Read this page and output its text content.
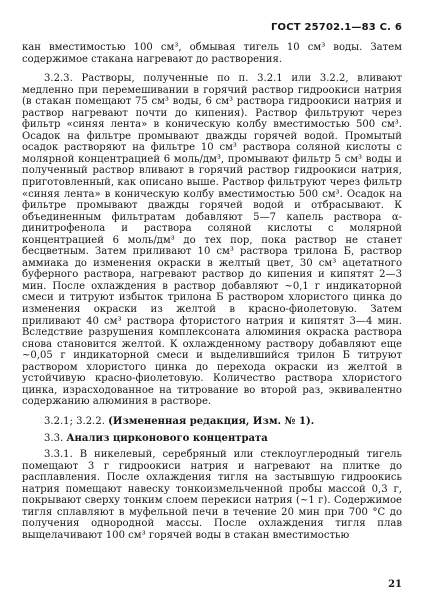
ГОСТ 25702.1—83 С. 6

кан вместимостью 100 см³, обмывая тигель 10 см³ воды. Затем содержимое стакана нагревают до растворения.

3.2.3. Растворы, полученные по п. 3.2.1 или 3.2.2, вливают медленно при перемешивании в горячий раствор гидроокиси натрия (в стакан помещают 75 см³ воды, 6 см³ раствора гидроокиси натрия и раствор нагревают почти до кипения). Раствор фильтруют через фильтр «синяя лента» в коническую колбу вместимостью 500 см³. Осадок на фильтре промывают дважды горячей водой. Промытый осадок растворяют на фильтре 10 см³ раствора соляной кислоты с молярной концентрацией 6 моль/дм³, промывают фильтр 5 см³ воды и полученный раствор вливают в горячий раствор гидроокиси натрия, приготовленный, как описано выше. Раствор фильтруют через фильтр «синяя лента» в коническую колбу вместимостью 500 см³. Осадок на фильтре промывают дважды горячей водой и отбрасывают. К объединенным фильтратам добавляют 5—7 капель раствора α-динитрофенола и раствора соляной кислоты с молярной концентрацией 6 моль/дм³ до тех пор, пока раствор не станет бесцветным. Затем приливают 10 см³ раствора трилона Б, раствор аммиака до изменения окраски в желтый цвет, 30 см³ ацетатного буферного раствора, нагревают раствор до кипения и кипятят 2—3 мин. После охлаждения в раствор добавляют ~0,1 г индикаторной смеси и титруют избыток трилона Б раствором хлористого цинка до изменения окраски из желтой в красно-фиолетовую. Затем приливают 40 см³ раствора фтористого натрия и кипятят 3—4 мин. Вследствие разрушения комплексоната алюминия окраска раствора снова становится желтой. К охлажденному раствору добавляют еще ~0,05 г индикаторной смеси и выделившийся трилон Б титруют раствором хлористого цинка до перехода окраски из желтой в устойчивую красно-фиолетовую. Количество раствора хлористого цинка, израсходованное на титрование во второй раз, эквивалентно содержанию алюминия в растворе.

3.2.1; 3.2.2. (Измененная редакция, Изм. № 1).

3.3. Анализ цирконового концентрата

3.3.1. В никелевый, серебряный или стеклоуглеродный тигель помещают 3 г гидроокиси натрия и нагревают на плитке до расплавления. После охлаждения тигля на застывшую гидроокись натрия помещают навеску тонкоизмельченной пробы массой 0,3 г, покрывают сверху тонким слоем перекиси натрия (~1 г). Содержимое тигля сплавляют в муфельной печи в течение 20 мин при 700 °С до получения однородной массы. После охлаждения тигля плав выщелачивают 100 см³ горячей воды в стакан вместимостью

21
